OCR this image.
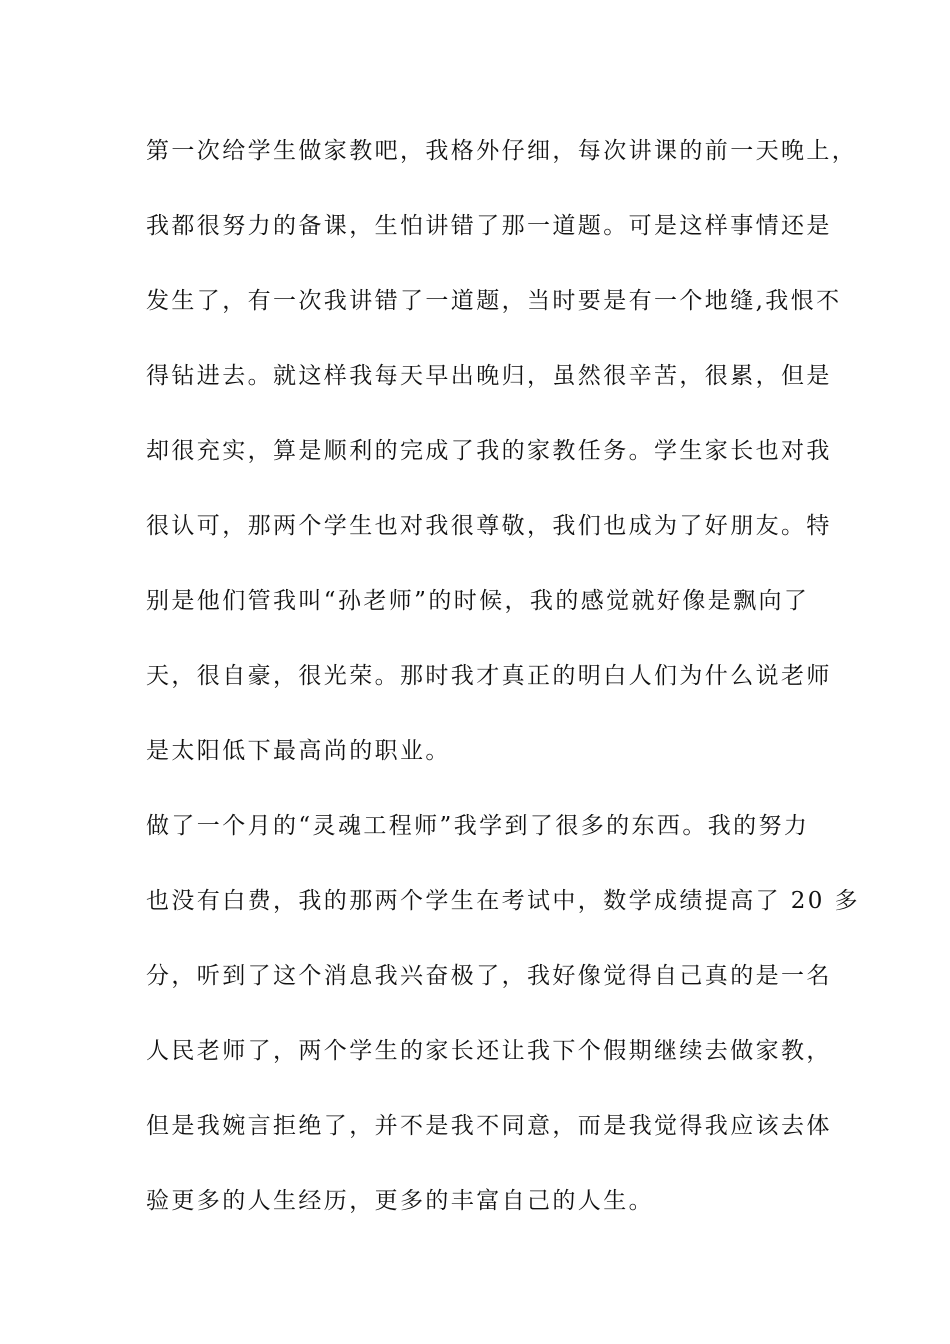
第一次给学生做家教吧，我格外仔细，每次讲课的前一天晚上，
我都很努力的备课，生怕讲错了那一道题。可是这样事情还是
发生了，有一次我讲错了一道题，当时要是有一个地缝,我恨不
得钻进去。就这样我每天早出晚归，虽然很辛苦，很累，但是
却很充实，算是顺利的完成了我的家教任务。学生家长也对我
很认可，那两个学生也对我很尊敬，我们也成为了好朋友。特
别是他们管我叫“孙老师”的时候，我的感觉就好像是飘向了
天，很自豪，很光荣。那时我才真正的明白人们为什么说老师
是太阳低下最高尚的职业。
做了一个月的“灵魂工程师”我学到了很多的东西。我的努力
也没有白费，我的那两个学生在考试中，数学成绩提高了 20 多
分，听到了这个消息我兴奋极了，我好像觉得自己真的是一名
人民老师了，两个学生的家长还让我下个假期继续去做家教，
但是我婉言拒绝了，并不是我不同意，而是我觉得我应该去体
验更多的人生经历，更多的丰富自己的人生。
